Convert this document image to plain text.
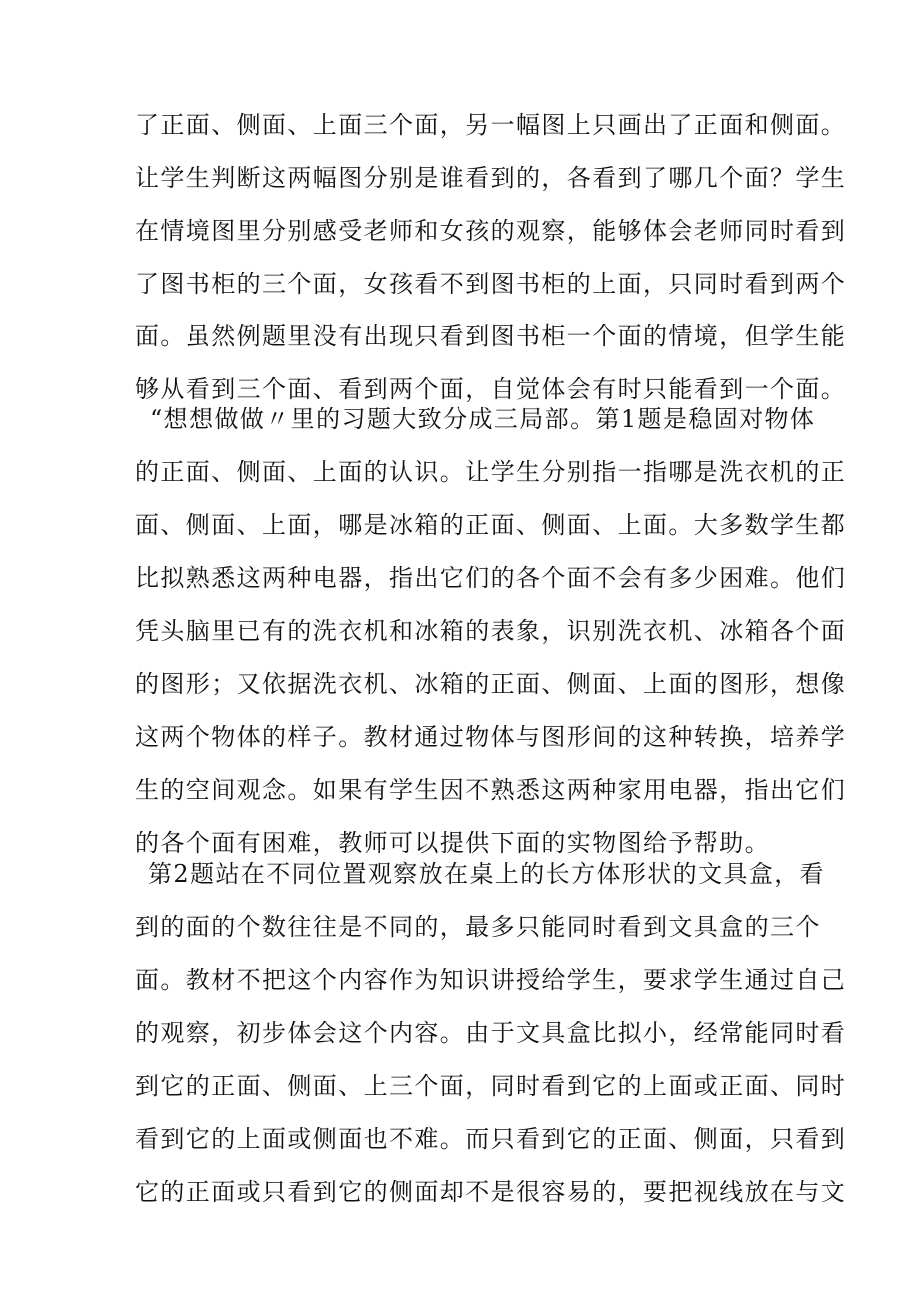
了正面、侧面、上面三个面，另一幅图上只画出了正面和侧面。
让学生判断这两幅图分别是谁看到的，各看到了哪几个面？学生
在情境图里分别感受老师和女孩的观察，能够体会老师同时看到
了图书柜的三个面，女孩看不到图书柜的上面，只同时看到两个
面。虽然例题里没有出现只看到图书柜一个面的情境，但学生能
够从看到三个面、看到两个面，自觉体会有时只能看到一个面。
“想想做做〃里的习题大致分成三局部。第1题是稳固对物体
的正面、侧面、上面的认识。让学生分别指一指哪是洗衣机的正
面、侧面、上面，哪是冰箱的正面、侧面、上面。大多数学生都
比拟熟悉这两种电器，指出它们的各个面不会有多少困难。他们
凭头脑里已有的洗衣机和冰箱的表象，识别洗衣机、冰箱各个面
的图形；又依据洗衣机、冰箱的正面、侧面、上面的图形，想像
这两个物体的样子。教材通过物体与图形间的这种转换，培养学
生的空间观念。如果有学生因不熟悉这两种家用电器，指出它们
的各个面有困难，教师可以提供下面的实物图给予帮助。
第2题站在不同位置观察放在桌上的长方体形状的文具盒，看
到的面的个数往往是不同的，最多只能同时看到文具盒的三个
面。教材不把这个内容作为知识讲授给学生，要求学生通过自己
的观察，初步体会这个内容。由于文具盒比拟小，经常能同时看
到它的正面、侧面、上三个面，同时看到它的上面或正面、同时
看到它的上面或侧面也不难。而只看到它的正面、侧面，只看到
它的正面或只看到它的侧面却不是很容易的，要把视线放在与文
